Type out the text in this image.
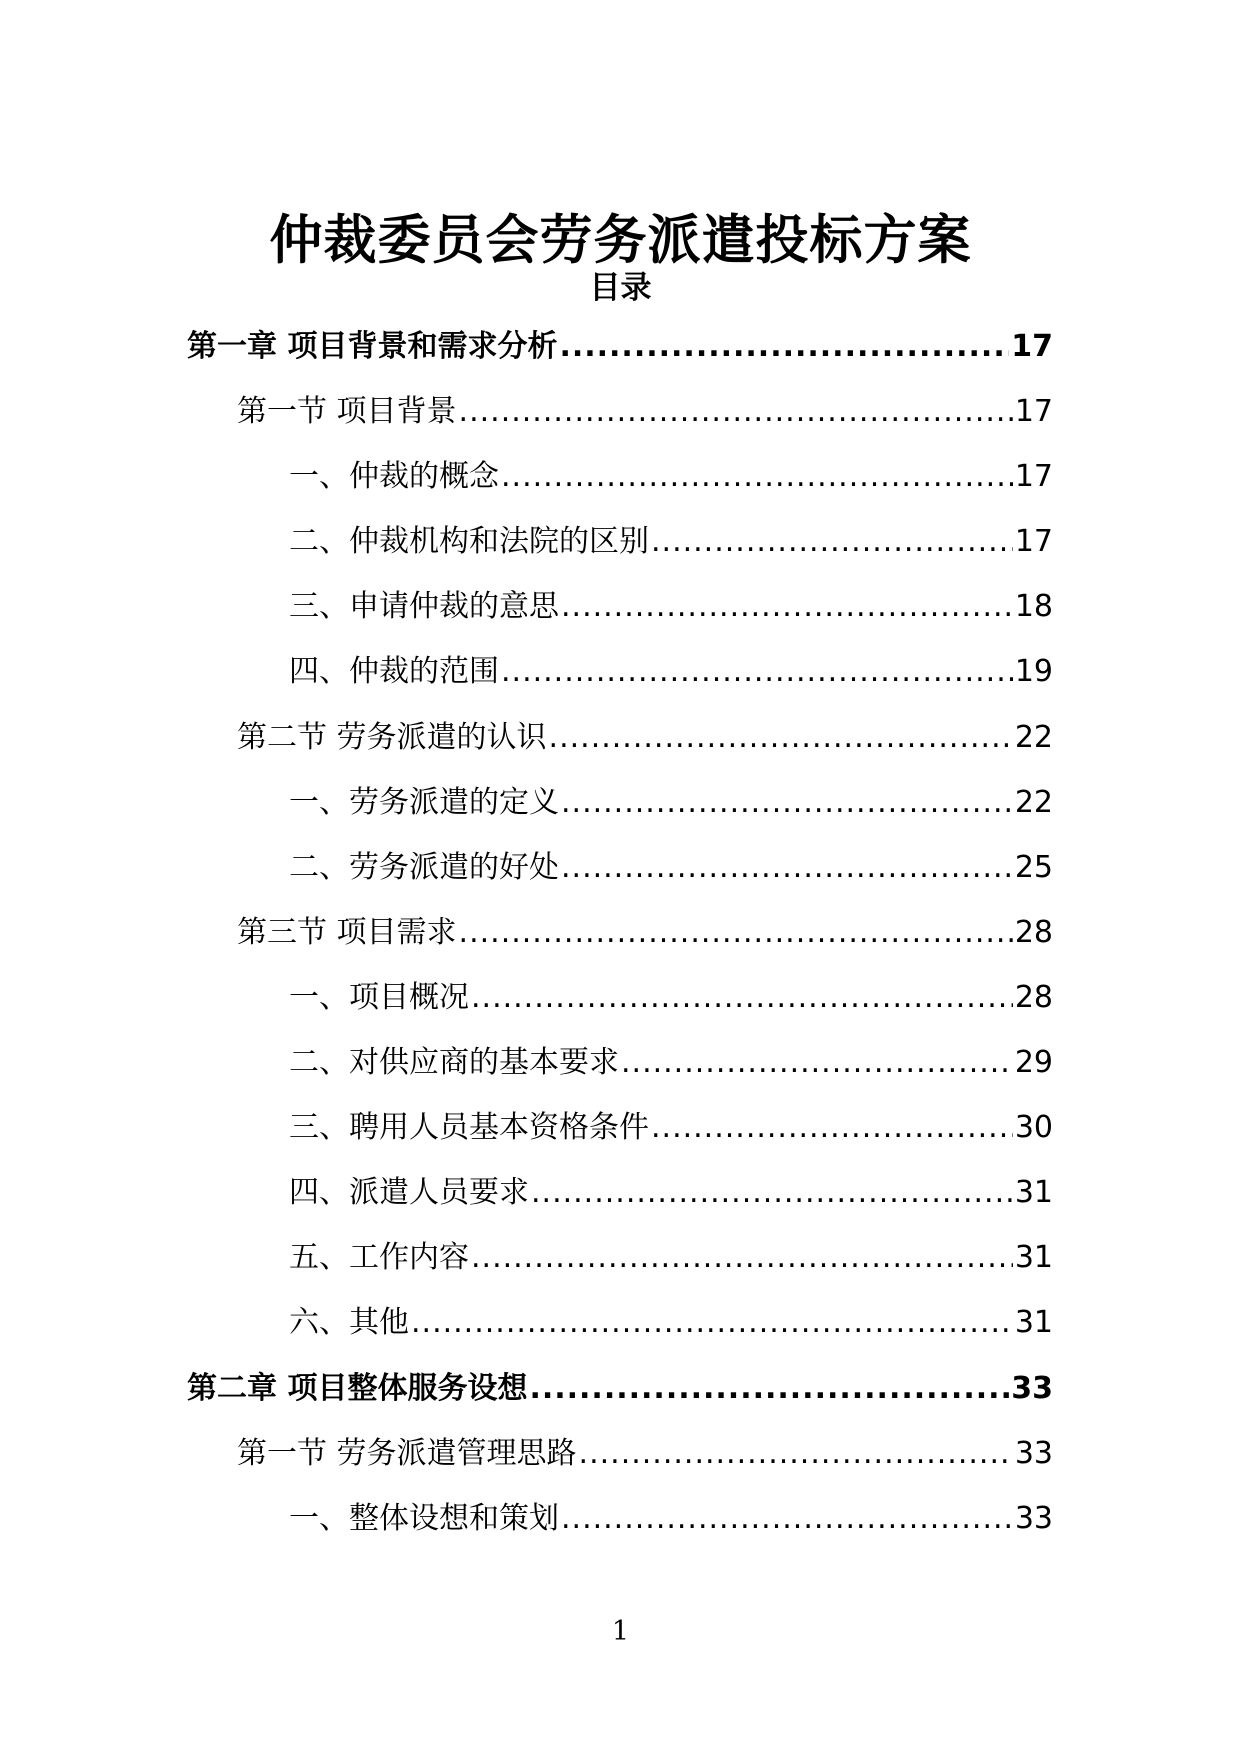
仲裁委员会劳务派遣投标方案
目录
第一章 项目背景和需求分析 .....	17
第一节 项目背景 .....	17
一、仲裁的概念 .....	17
二、仲裁机构和法院的区别 .....	17
三、申请仲裁的意思 .....	18
四、仲裁的范围 .....	19
第二节 劳务派遣的认识 .....	22
一、劳务派遣的定义 .....	22
二、劳务派遣的好处 .....	25
第三节 项目需求 .....	28
一、项目概况 .....	28
二、对供应商的基本要求 .....	29
三、聘用人员基本资格条件 .....	30
四、派遣人员要求 .....	31
五、工作内容 .....	31
六、其他 .....	31
第二章 项目整体服务设想 .....	33
第一节 劳务派遣管理思路 .....	33
一、整体设想和策划 .....	33
1
